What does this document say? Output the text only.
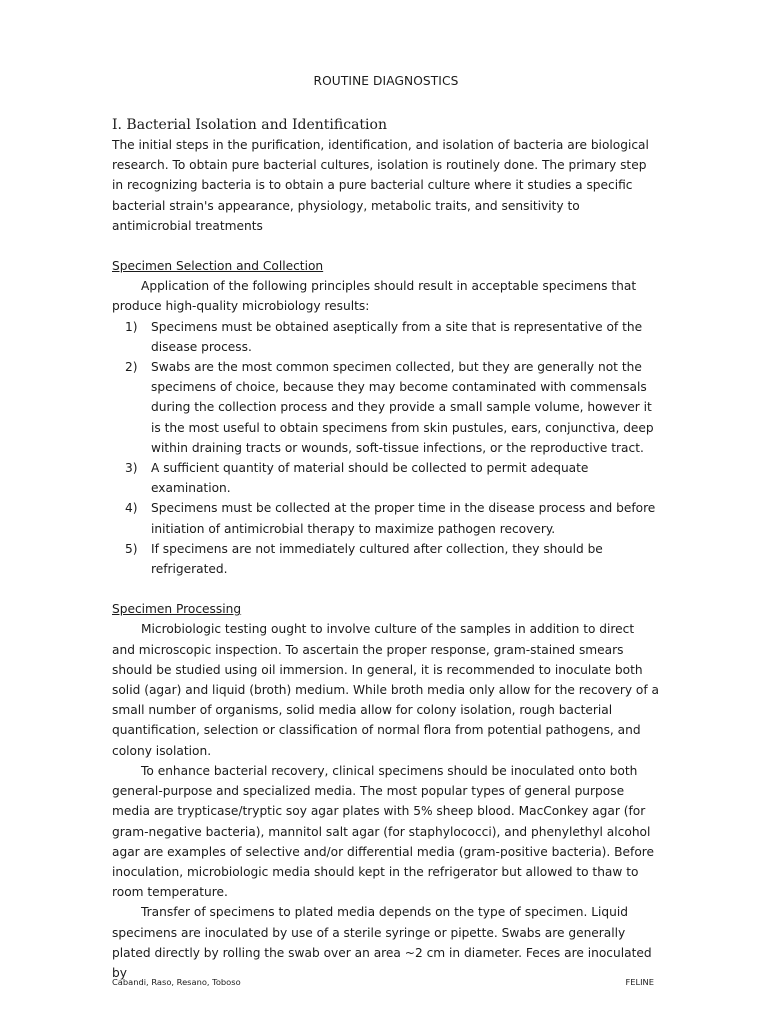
ROUTINE DIAGNOSTICS
I. Bacterial Isolation and Identification

The initial steps in the purification, identification, and isolation of bacteria are biological research. To obtain pure bacterial cultures, isolation is routinely done. The primary step in recognizing bacteria is to obtain a pure bacterial culture where it studies a specific bacterial strain's appearance, physiology, metabolic traits, and sensitivity to antimicrobial treatments

Specimen Selection and Collection

Application of the following principles should result in acceptable specimens that produce high-quality microbiology results:

1) Specimens must be obtained aseptically from a site that is representative of the disease process.
2) Swabs are the most common specimen collected, but they are generally not the specimens of choice, because they may become contaminated with commensals during the collection process and they provide a small sample volume, however it is the most useful to obtain specimens from skin pustules, ears, conjunctiva, deep within draining tracts or wounds, soft-tissue infections, or the reproductive tract.
3) A sufficient quantity of material should be collected to permit adequate examination.
4) Specimens must be collected at the proper time in the disease process and before initiation of antimicrobial therapy to maximize pathogen recovery.
5) If specimens are not immediately cultured after collection, they should be refrigerated.
Specimen Processing

Microbiologic testing ought to involve culture of the samples in addition to direct and microscopic inspection. To ascertain the proper response, gram-stained smears should be studied using oil immersion. In general, it is recommended to inoculate both solid (agar) and liquid (broth) medium. While broth media only allow for the recovery of a small number of organisms, solid media allow for colony isolation, rough bacterial quantification, selection or classification of normal flora from potential pathogens, and colony isolation.

To enhance bacterial recovery, clinical specimens should be inoculated onto both general-purpose and specialized media. The most popular types of general purpose media are trypticase/tryptic soy agar plates with 5% sheep blood. MacConkey agar (for gram-negative bacteria), mannitol salt agar (for staphylococci), and phenylethyl alcohol agar are examples of selective and/or differential media (gram-positive bacteria). Before inoculation, microbiologic media should kept in the refrigerator but allowed to thaw to room temperature.

Transfer of specimens to plated media depends on the type of specimen. Liquid specimens are inoculated by use of a sterile syringe or pipette. Swabs are generally plated directly by rolling the swab over an area ~2 cm in diameter. Feces are inoculated by

Cabandi, Raso, Resano, Toboso	FELINE
